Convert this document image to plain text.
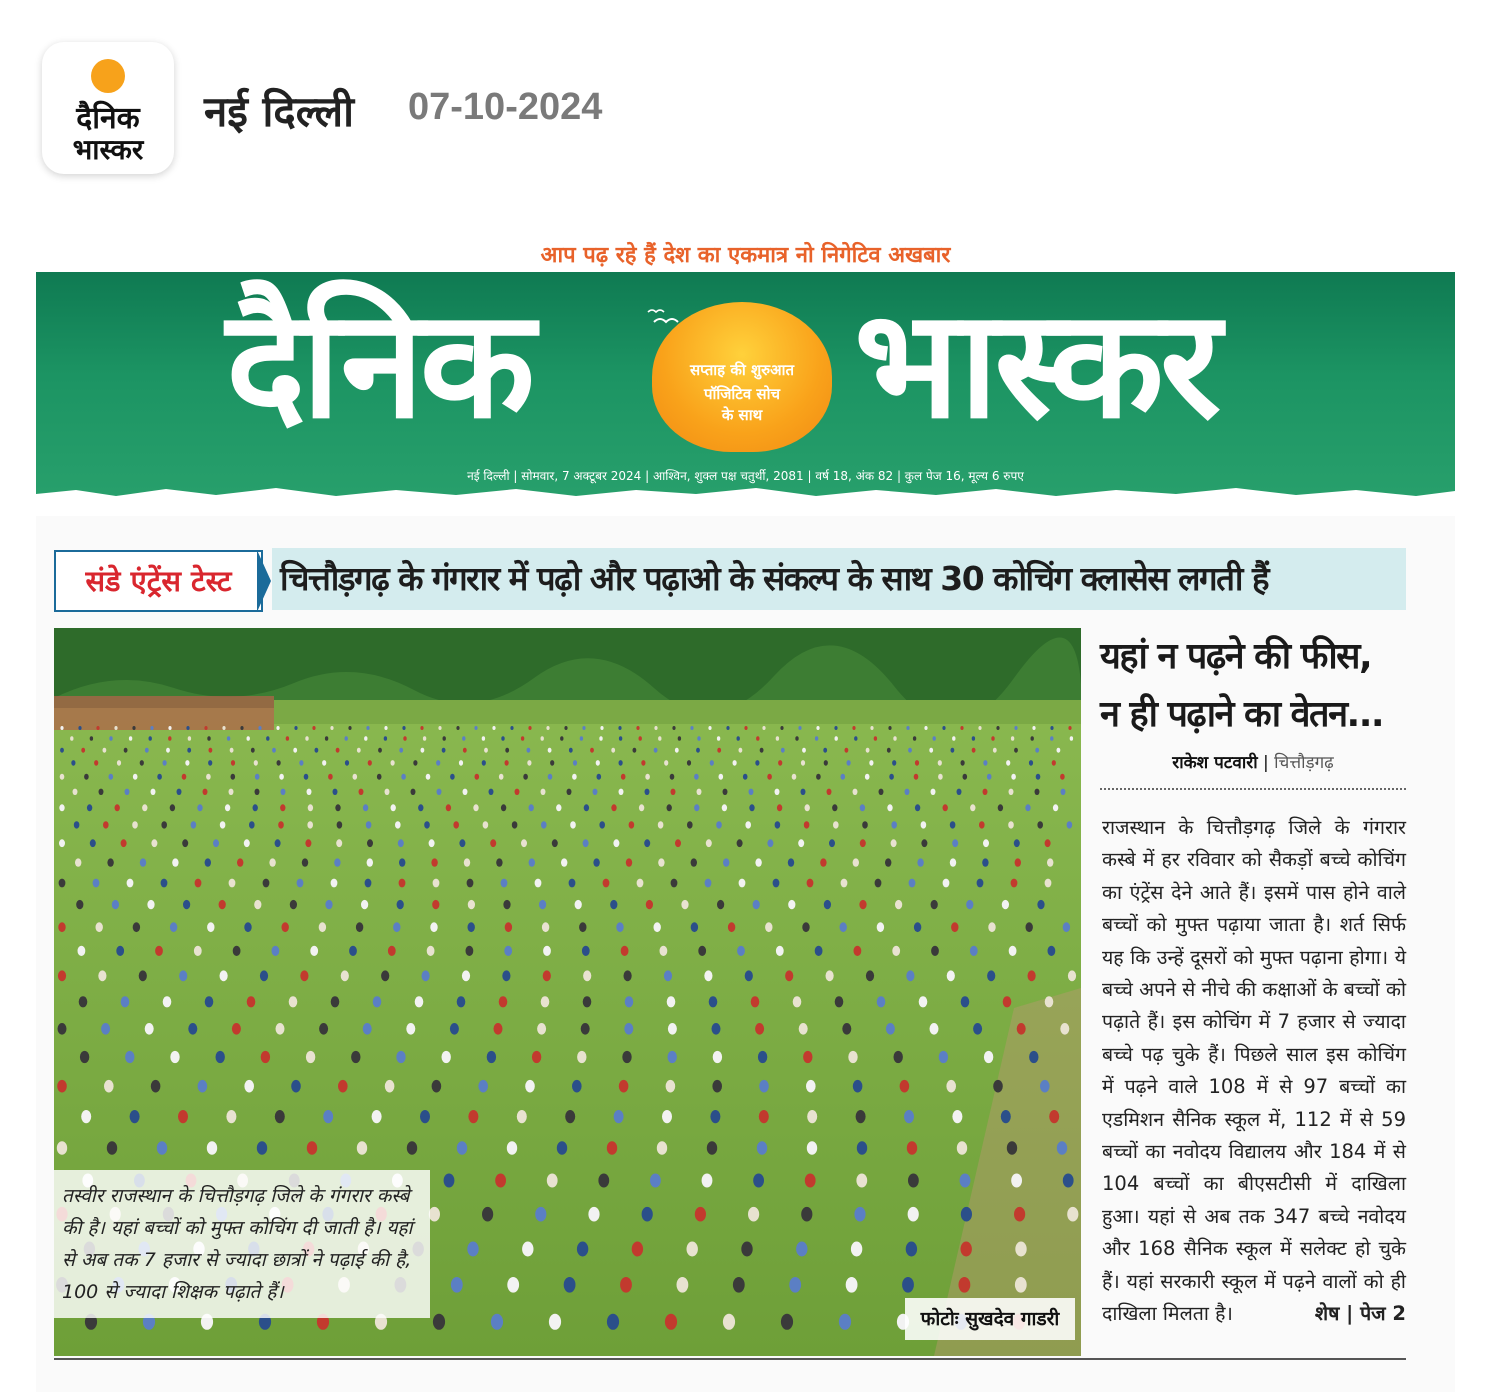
दैनिक
भास्कर
नई दिल्ली 07-10-2024
आप पढ़ रहे हैं देश का एकमात्र नो निगेटिव अखबार
दैनिक	सप्ताह की शुरुआत
पॉजिटिव सोच
के साथ भास्कर
नई दिल्ली | सोमवार, 7 अक्टूबर 2024 | आश्विन, शुक्ल पक्ष चतुर्थी, 2081 | वर्ष 18, अंक 82 | कुल पेज 16, मूल्य 6 रुपए
संडे एंट्रेंस टेस्ट	चित्तौड़गढ़ के गंगरार में पढ़ो और पढ़ाओ के संकल्प के साथ 30 कोचिंग क्लासेस लगती हैं
तस्वीर राजस्थान के चित्तौड़गढ़ जिले के गंगरार कस्बे की है। यहां बच्चों को मुफ्त कोचिंग दी जाती है। यहां से अब तक 7 हजार से ज्यादा छात्रों ने पढ़ाई की है, 100 से ज्यादा शिक्षक पढ़ाते हैं।
फोटोः सुखदेव गाडरी
यहां न पढ़ने की फीस,
न ही पढ़ाने का वेतन...
राकेश पटवारी | चित्तौड़गढ़
राजस्थान के चित्तौड़गढ़ जिले के गंगरार कस्बे में हर रविवार को सैकड़ों बच्चे कोचिंग का एंट्रेंस देने आते हैं। इसमें पास होने वाले बच्चों को मुफ्त पढ़ाया जाता है। शर्त सिर्फ यह कि उन्हें दूसरों को मुफ्त पढ़ाना होगा। ये बच्चे अपने से नीचे की कक्षाओं के बच्चों को पढ़ाते हैं। इस कोचिंग में 7 हजार से ज्यादा बच्चे पढ़ चुके हैं। पिछले साल इस कोचिंग में पढ़ने वाले 108 में से 97 बच्चों का एडमिशन सैनिक स्कूल में, 112 में से 59 बच्चों का नवोदय विद्यालय और 184 में से 104 बच्चों का बीएसटीसी में दाखिला हुआ। यहां से अब तक 347 बच्चे नवोदय और 168 सैनिक स्कूल में सलेक्ट हो चुके हैं। यहां सरकारी स्कूल में पढ़ने वालों को ही दाखिला मिलता है।	शेष | पेज 2
